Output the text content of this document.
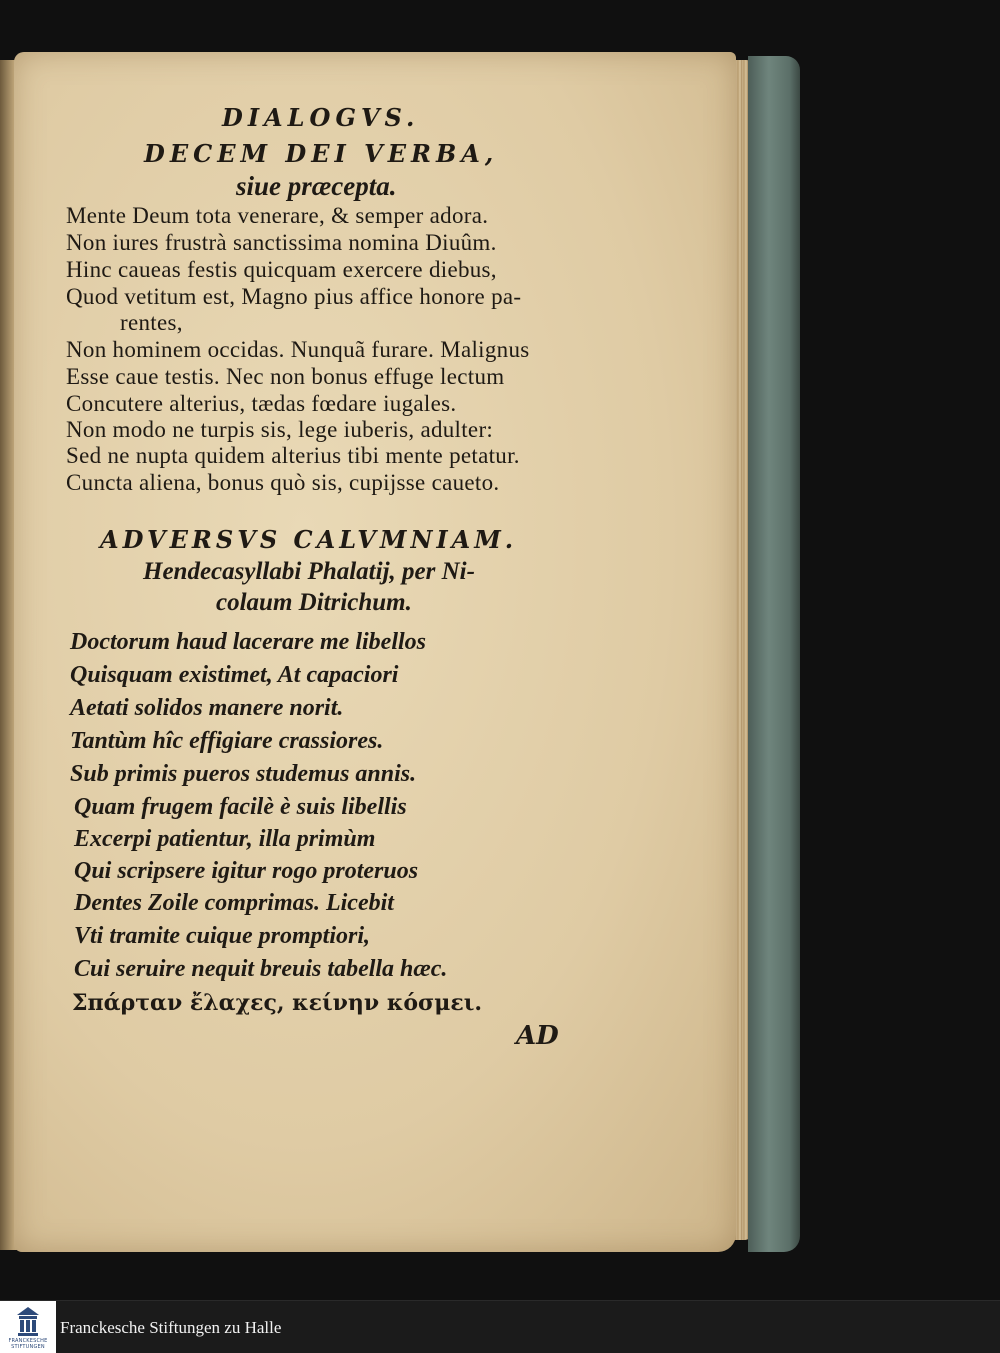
DIALOGVS.
DECEM DEI VERBA,
siue præcepta.
Mente Deum tota venerare, & semper adora.
Non iures frustrà sanctissima nomina Diuûm.
Hinc caueas festis quicquam exercere diebus,
Quod vetitum est, Magno pius affice honore pa-
rentes,
Non hominem occidas. Nunquã furare. Malignus
Esse caue testis. Nec non bonus effuge lectum
Concutere alterius, tædas fœdare iugales.
Non modo ne turpis sis, lege iuberis, adulter:
Sed ne nupta quidem alterius tibi mente petatur.
Cuncta aliena, bonus quò sis, cupijsse caueto.
ADVERSVS CALVMNIAM.
Hendecasyllabi Phalatij, per Ni-
colaum Ditrichum.
Doctorum haud lacerare me libellos
Quisquam existimet, At capaciori
Aetati solidos manere norit.
Tantùm hîc effigiare crassiores.
Sub primis pueros studemus annis.
Quam frugem facilè è suis libellis
Excerpi patientur, illa primùm
Qui scripsere igitur rogo proteruos
Dentes Zoile comprimas. Licebit
Vti tramite cuique promptiori,
Cui seruire nequit breuis tabella hæc.
Σπάρταν ἔλαχες, κείνην κόσμει.
AD
FRANCKESCHE
STIFTUNGEN
Franckesche Stiftungen zu Halle
